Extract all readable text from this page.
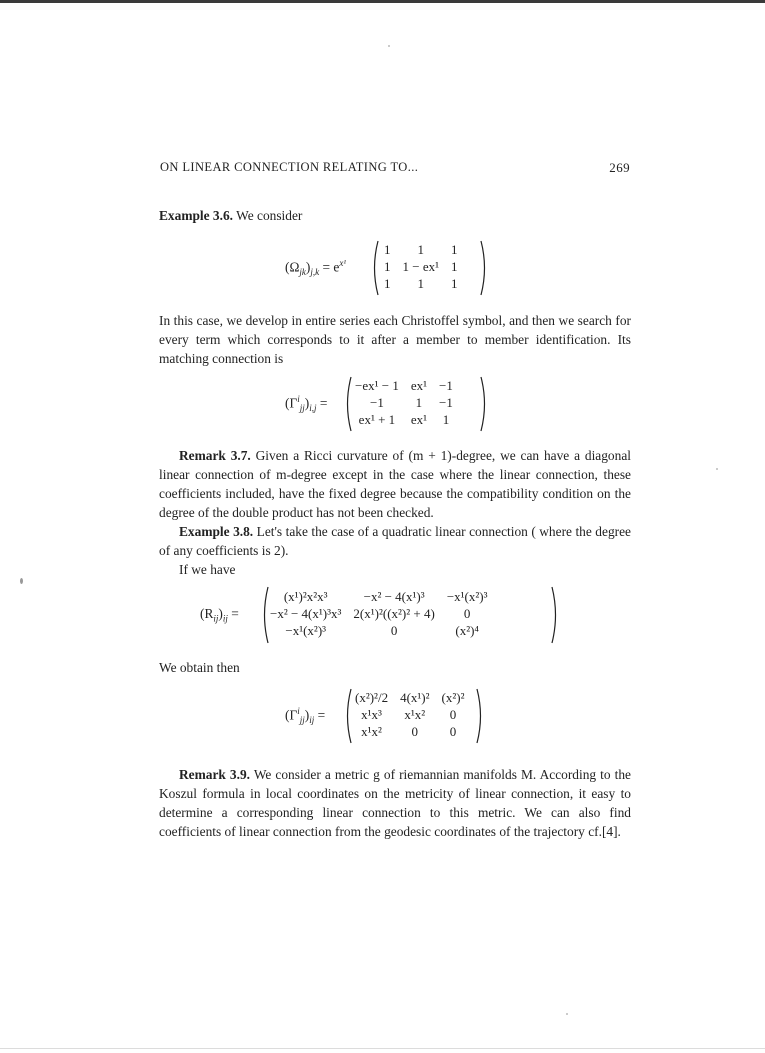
ON LINEAR CONNECTION RELATING TO...	269
Example 3.6. We consider
$(\Omega_{jk})_{j,k} = e^{x^1}$
1	1	1
1	1 − ex¹	1
1	1	1
In this case, we develop in entire series each Christoffel symbol, and then we search for every term which corresponds to it after a member to member identification. Its matching connection is
$(\Gamma^i_{jj})_{i,j}$ =
−ex¹ − 1	ex¹	−1
−1	1	−1
ex¹ + 1	ex¹	1
Remark 3.7. Given a Ricci curvature of (m + 1)-degree, we can have a diagonal linear connection of m-degree except in the case where the linear connection, these coefficients included, have the fixed degree because the compatibility condition on the degree of the double product has not been checked.
Example 3.8. Let's take the case of a quadratic linear connection ( where the degree of any coefficients is 2).
If we have
$(R_{ij})_{ij}$ =
(x¹)²x²x³	−x² − 4(x¹)³	−x¹(x²)³
−x² − 4(x¹)³x³	2(x¹)²((x²)² + 4)	0
−x¹(x²)³	0	(x²)⁴
We obtain then
$(\Gamma^i_{jj})_{ij}$ =
(x²)²/2	4(x¹)²	(x²)²
x¹x³	x¹x²	0
x¹x²	0	0
Remark 3.9. We consider a metric g of riemannian manifolds M. According to the Koszul formula in local coordinates on the metricity of linear connection, it easy to determine a corresponding linear connection to this metric. We can also find coefficients of linear connection from the geodesic coordinates of the trajectory cf.[4].
